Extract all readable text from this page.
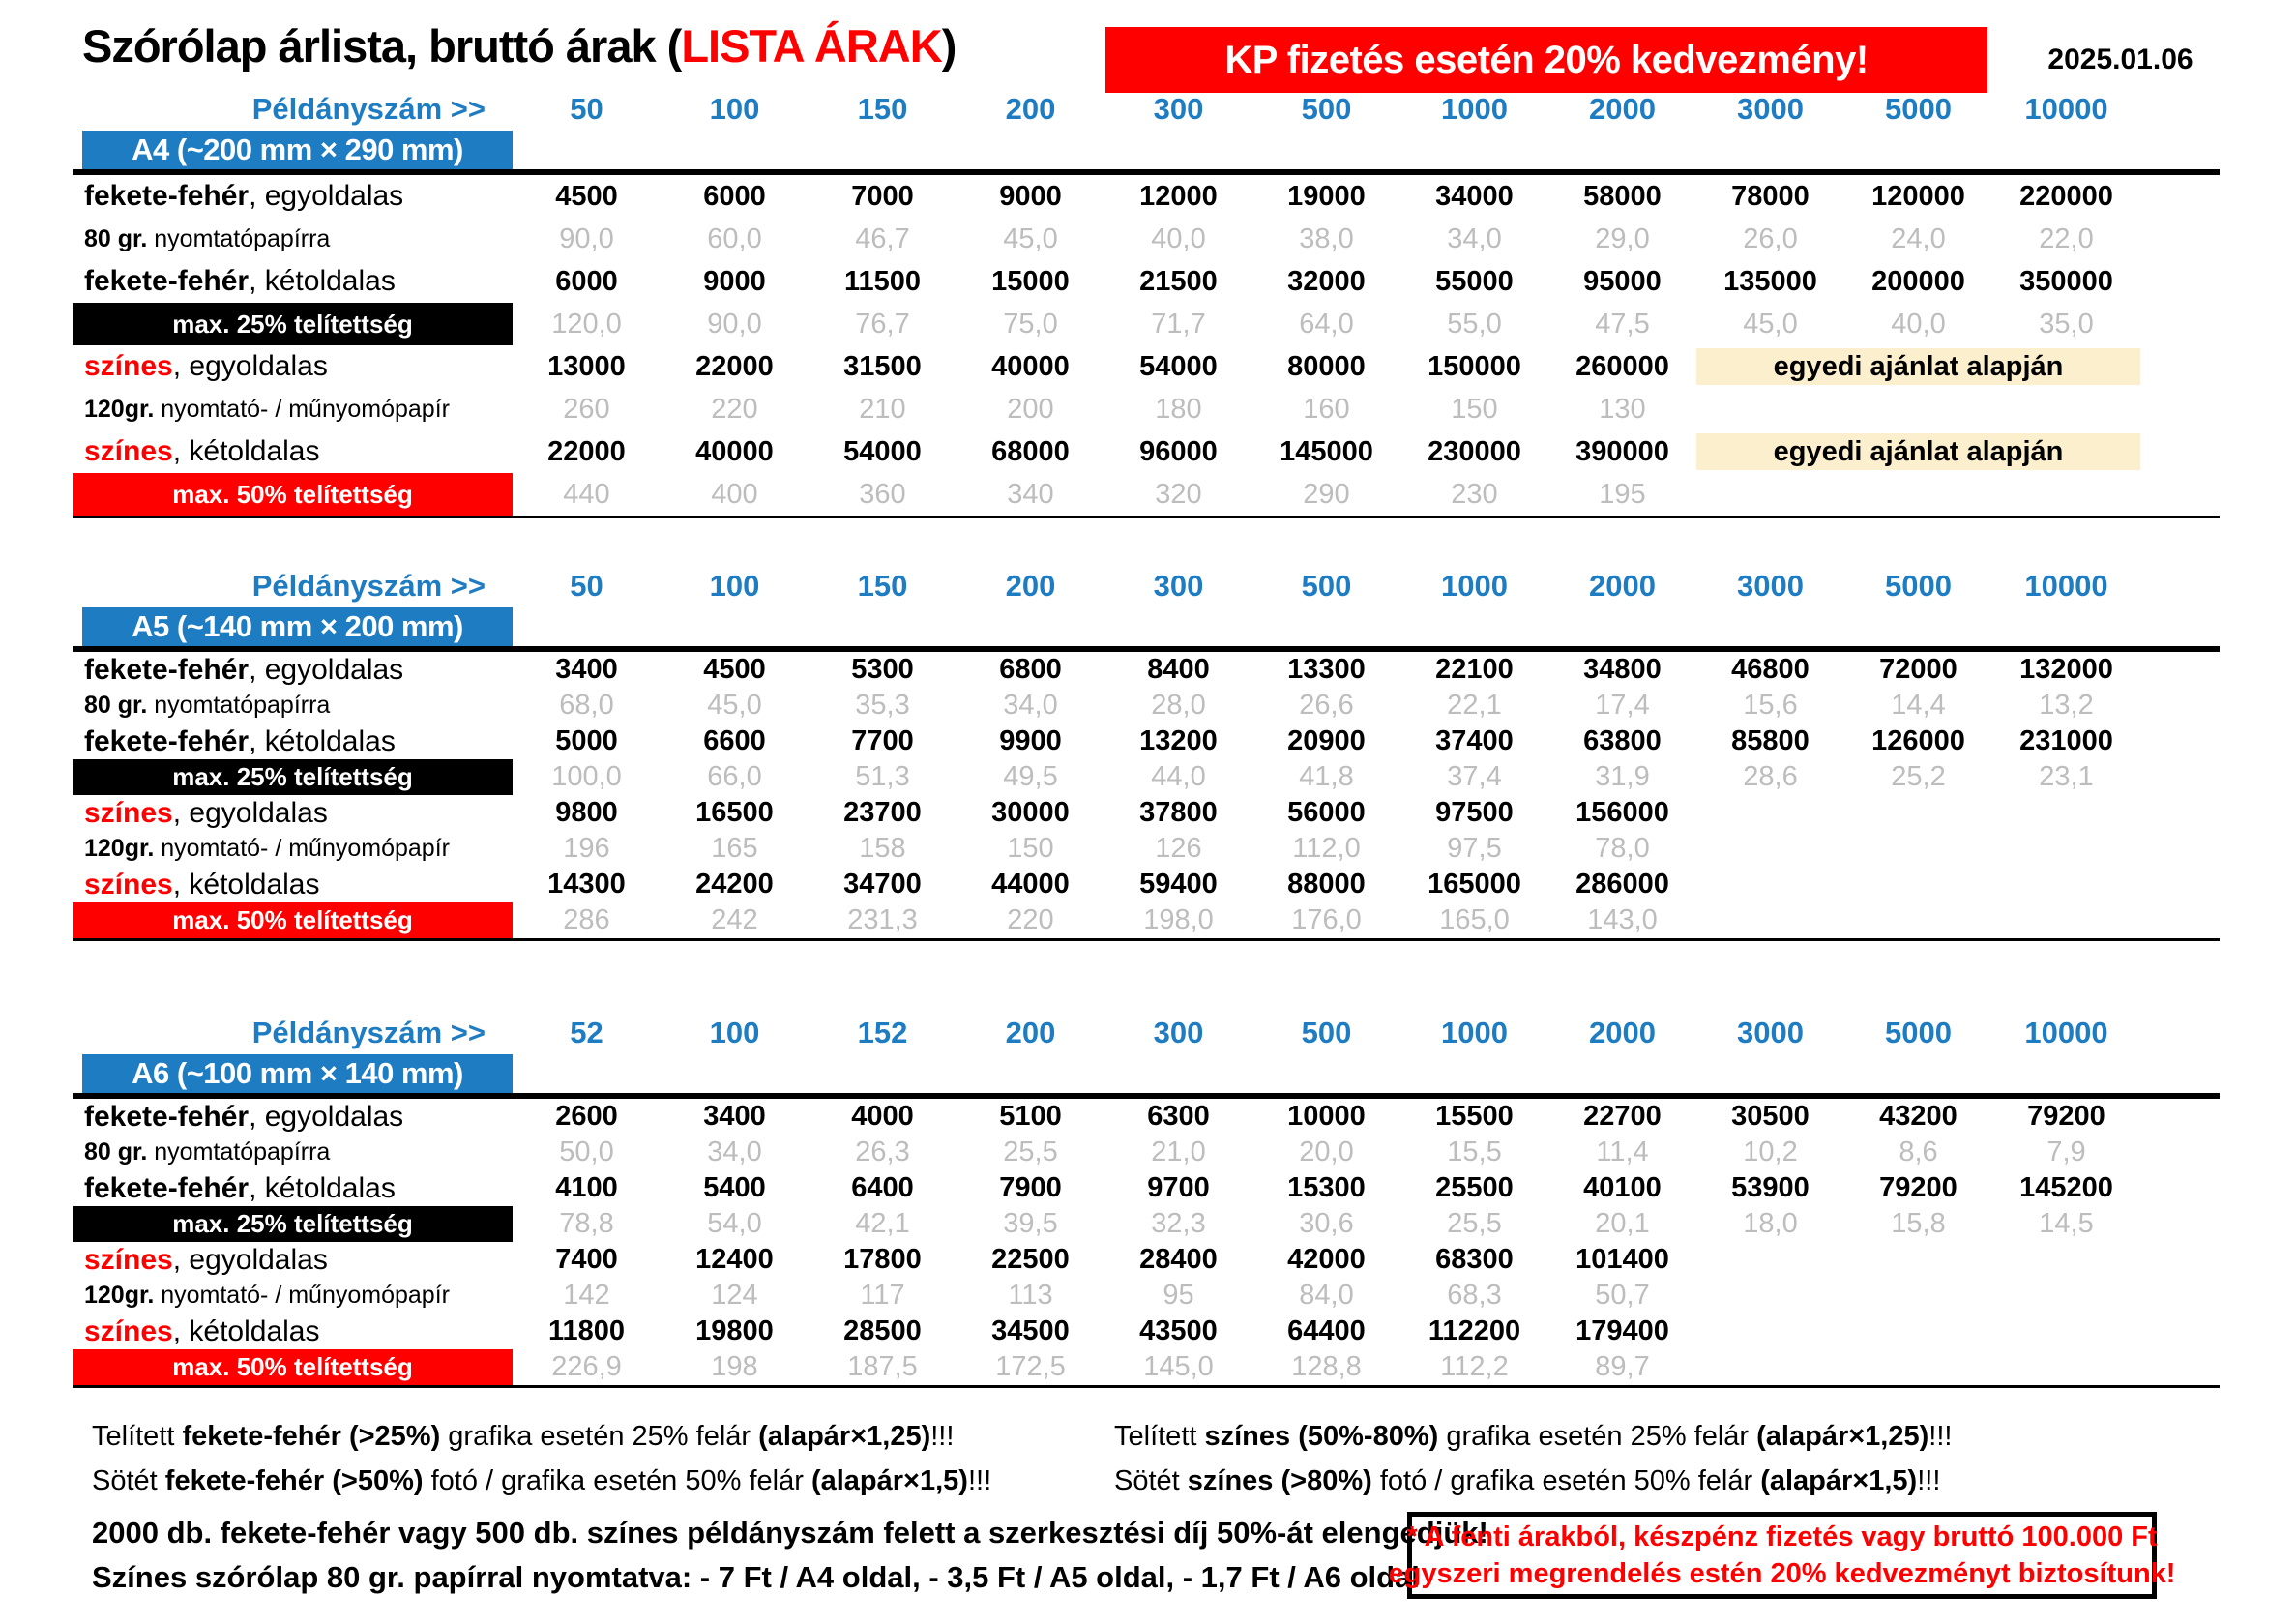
Szórólap árlista, bruttó árak (LISTA ÁRAK)	KP fizetés esetén 20% kedvezmény!	2025.01.06
Példányszám >>	50	100	150	200	300	500	1000	2000	3000	5000	10000
A4 (~200 mm × 290 mm)
fekete-fehér, egyoldalas	4500	6000	7000	9000	12000	19000	34000	58000	78000	120000	220000
80 gr. nyomtatópapírra	90,0	60,0	46,7	45,0	40,0	38,0	34,0	29,0	26,0	24,0	22,0
fekete-fehér, kétoldalas	6000	9000	11500	15000	21500	32000	55000	95000	135000	200000	350000
max. 25% telítettség	120,0	90,0	76,7	75,0	71,7	64,0	55,0	47,5	45,0	40,0	35,0
színes, egyoldalas	13000	22000	31500	40000	54000	80000	150000	260000	egyedi ajánlat alapján
120gr. nyomtató- / műnyomópapír	260	220	210	200	180	160	150	130
színes, kétoldalas	22000	40000	54000	68000	96000	145000	230000	390000	egyedi ajánlat alapján
max. 50% telítettség	440	400	360	340	320	290	230	195
Példányszám >>	50	100	150	200	300	500	1000	2000	3000	5000	10000
A5 (~140 mm × 200 mm)
fekete-fehér, egyoldalas	3400	4500	5300	6800	8400	13300	22100	34800	46800	72000	132000
80 gr. nyomtatópapírra	68,0	45,0	35,3	34,0	28,0	26,6	22,1	17,4	15,6	14,4	13,2
fekete-fehér, kétoldalas	5000	6600	7700	9900	13200	20900	37400	63800	85800	126000	231000
max. 25% telítettség	100,0	66,0	51,3	49,5	44,0	41,8	37,4	31,9	28,6	25,2	23,1
színes, egyoldalas	9800	16500	23700	30000	37800	56000	97500	156000
120gr. nyomtató- / műnyomópapír	196	165	158	150	126	112,0	97,5	78,0
színes, kétoldalas	14300	24200	34700	44000	59400	88000	165000	286000
max. 50% telítettség	286	242	231,3	220	198,0	176,0	165,0	143,0
Példányszám >>	52	100	152	200	300	500	1000	2000	3000	5000	10000
A6 (~100 mm × 140 mm)
fekete-fehér, egyoldalas	2600	3400	4000	5100	6300	10000	15500	22700	30500	43200	79200
80 gr. nyomtatópapírra	50,0	34,0	26,3	25,5	21,0	20,0	15,5	11,4	10,2	8,6	7,9
fekete-fehér, kétoldalas	4100	5400	6400	7900	9700	15300	25500	40100	53900	79200	145200
max. 25% telítettség	78,8	54,0	42,1	39,5	32,3	30,6	25,5	20,1	18,0	15,8	14,5
színes, egyoldalas	7400	12400	17800	22500	28400	42000	68300	101400
120gr. nyomtató- / műnyomópapír	142	124	117	113	95	84,0	68,3	50,7
színes, kétoldalas	11800	19800	28500	34500	43500	64400	112200	179400
max. 50% telítettség	226,9	198	187,5	172,5	145,0	128,8	112,2	89,7
Telített fekete-fehér (>25%) grafika esetén 25% felár (alapár×1,25)!!!
Sötét fekete-fehér (>50%) fotó / grafika esetén 50% felár (alapár×1,5)!!!
Telített színes (50%-80%) grafika esetén 25% felár (alapár×1,25)!!!
Sötét színes (>80%) fotó / grafika esetén 50% felár (alapár×1,5)!!!
2000 db. fekete-fehér vagy 500 db. színes példányszám felett a szerkesztési díj 50%-át elengedjük!
Színes szórólap 80 gr. papírral nyomtatva: - 7 Ft / A4 oldal, - 3,5 Ft / A5 oldal, - 1,7 Ft / A6 oldal
* A fenti árakból, készpénz fizetés vagy bruttó 100.000 Ft
egyszeri megrendelés estén 20% kedvezményt biztosítunk!
